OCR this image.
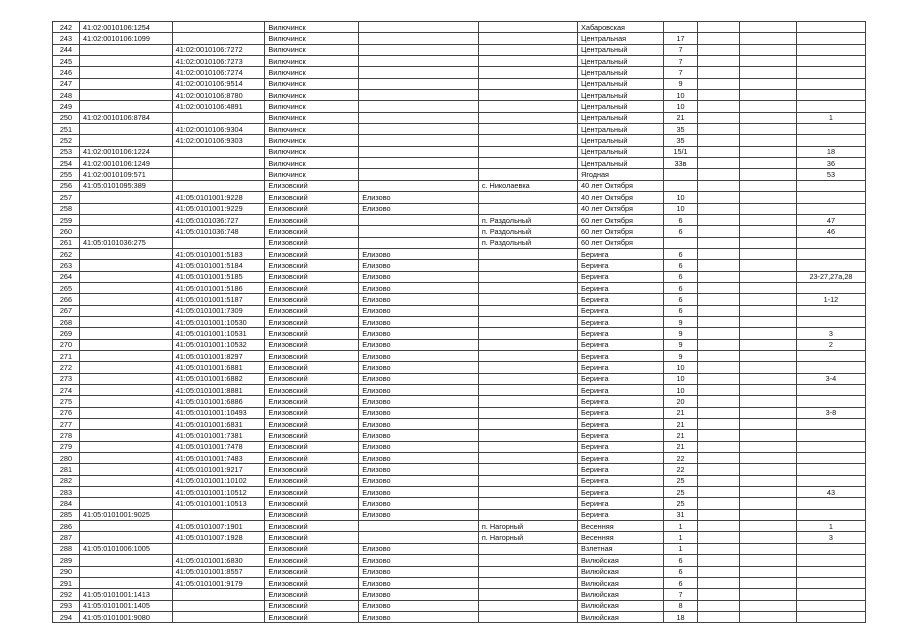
242	41:02:0010106:1254		Вилючинск			Хабаровская				
243	41:02:0010106:1099		Вилючинск			Центральная	17			
244		41:02:0010106:7272	Вилючинск			Центральный	7			
245		41:02:0010106:7273	Вилючинск			Центральный	7			
246		41:02:0010106:7274	Вилючинск			Центральный	7			
247		41:02:0010106:9514	Вилючинск			Центральный	9			
248		41:02:0010106:8780	Вилючинск			Центральный	10			
249		41:02:0010106:4891	Вилючинск			Центральный	10			
250	41:02:0010106:8784		Вилючинск			Центральный	21			1
251		41:02:0010106:9304	Вилючинск			Центральный	35			
252		41:02:0010106:9303	Вилючинск			Центральный	35			
253	41:02:0010106:1224		Вилючинск			Центральный	15/1			18
254	41:02:0010106:1249		Вилючинск			Центральный	33в			36
255	41:02:0010109:571		Вилючинск			Ягодная				53
256	41:05:0101095:389		Елизовский		с. Николаевка	40 лет Октября				
257		41:05:0101001:9228	Елизовский	Елизово		40 лет Октября	10			
258		41:05:0101001:9229	Елизовский	Елизово		40 лет Октября	10			
259		41:05:0101036:727	Елизовский		п. Раздольный	60 лет Октября	6			47
260		41:05:0101036:748	Елизовский		п. Раздольный	60 лет Октября	6			46
261	41:05:0101036:275		Елизовский		п. Раздольный	60 лет Октября				
262		41:05:0101001:5183	Елизовский	Елизово		Беринга	6			
263		41:05:0101001:5184	Елизовский	Елизово		Беринга	6			
264		41:05:0101001:5185	Елизовский	Елизово		Беринга	6			23-27,27а,28
265		41:05:0101001:5186	Елизовский	Елизово		Беринга	6			
266		41:05:0101001:5187	Елизовский	Елизово		Беринга	6			1-12
267		41:05:0101001:7309	Елизовский	Елизово		Беринга	6			
268		41:05:0101001:10530	Елизовский	Елизово		Беринга	9			
269		41:05:0101001:10531	Елизовский	Елизово		Беринга	9			3
270		41:05:0101001:10532	Елизовский	Елизово		Беринга	9			2
271		41:05:0101001:8297	Елизовский	Елизово		Беринга	9			
272		41:05:0101001:6881	Елизовский	Елизово		Беринга	10			
273		41:05:0101001:6882	Елизовский	Елизово		Беринга	10			3-4
274		41:05:0101001:8881	Елизовский	Елизово		Беринга	10			
275		41:05:0101001:6886	Елизовский	Елизово		Беринга	20			
276		41:05:0101001:10493	Елизовский	Елизово		Беринга	21			3-8
277		41:05:0101001:6831	Елизовский	Елизово		Беринга	21			
278		41:05:0101001:7381	Елизовский	Елизово		Беринга	21			
279		41:05:0101001:7478	Елизовский	Елизово		Беринга	21			
280		41:05:0101001:7483	Елизовский	Елизово		Беринга	22			
281		41:05:0101001:9217	Елизовский	Елизово		Беринга	22			
282		41:05:0101001:10102	Елизовский	Елизово		Беринга	25			
283		41:05:0101001:10512	Елизовский	Елизово		Беринга	25			43
284		41:05:0101001:10513	Елизовский	Елизово		Беринга	25			
285	41:05:0101001:9025		Елизовский	Елизово		Беринга	31			
286		41:05:0101007:1901	Елизовский		п. Нагорный	Весенняя	1			1
287		41:05:0101007:1928	Елизовский		п. Нагорный	Весенняя	1			3
288	41:05:0101006:1005		Елизовский	Елизово		Взлетная	1			
289		41:05:0101001:6830	Елизовский	Елизово		Вилюйская	6			
290		41:05:0101001:8557	Елизовский	Елизово		Вилюйская	6			
291		41:05:0101001:9179	Елизовский	Елизово		Вилюйская	6			
292	41:05:0101001:1413		Елизовский	Елизово		Вилюйская	7			
293	41:05:0101001:1405		Елизовский	Елизово		Вилюйская	8			
294	41:05:0101001:9080		Елизовский	Елизово		Вилюйская	18			
